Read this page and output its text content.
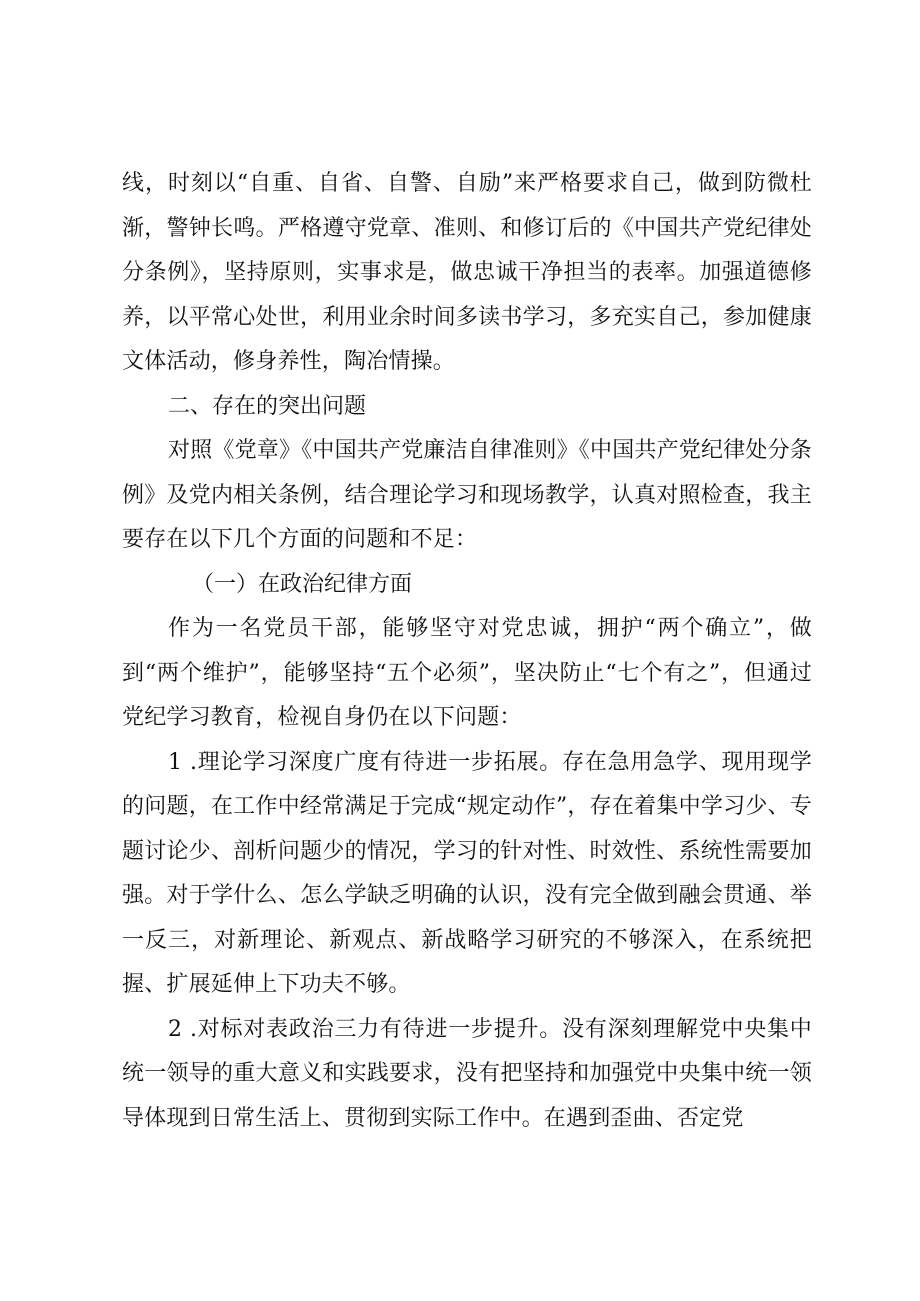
线，时刻以“自重、自省、自警、自励”来严格要求自己，做到防微杜渐，警钟长鸣。严格遵守党章、准则、和修订后的《中国共产党纪律处分条例》，坚持原则，实事求是，做忠诚干净担当的表率。加强道德修养，以平常心处世，利用业余时间多读书学习，多充实自己，参加健康文体活动，修身养性，陶冶情操。

二、存在的突出问题

对照《党章》《中国共产党廉洁自律准则》《中国共产党纪律处分条例》及党内相关条例，结合理论学习和现场教学，认真对照检查，我主要存在以下几个方面的问题和不足：

（一）在政治纪律方面

作为一名党员干部，能够坚守对党忠诚，拥护“两个确立”，做到“两个维护”，能够坚持“五个必须”，坚决防止“七个有之”，但通过党纪学习教育，检视自身仍在以下问题：

1 .理论学习深度广度有待进一步拓展。存在急用急学、现用现学的问题，在工作中经常满足于完成“规定动作”，存在着集中学习少、专题讨论少、剖析问题少的情况，学习的针对性、时效性、系统性需要加强。对于学什么、怎么学缺乏明确的认识，没有完全做到融会贯通、举一反三，对新理论、新观点、新战略学习研究的不够深入，在系统把握、扩展延伸上下功夫不够。

2 .对标对表政治三力有待进一步提升。没有深刻理解党中央集中统一领导的重大意义和实践要求，没有把坚持和加强党中央集中统一领导体现到日常生活上、贯彻到实际工作中。在遇到歪曲、否定党
